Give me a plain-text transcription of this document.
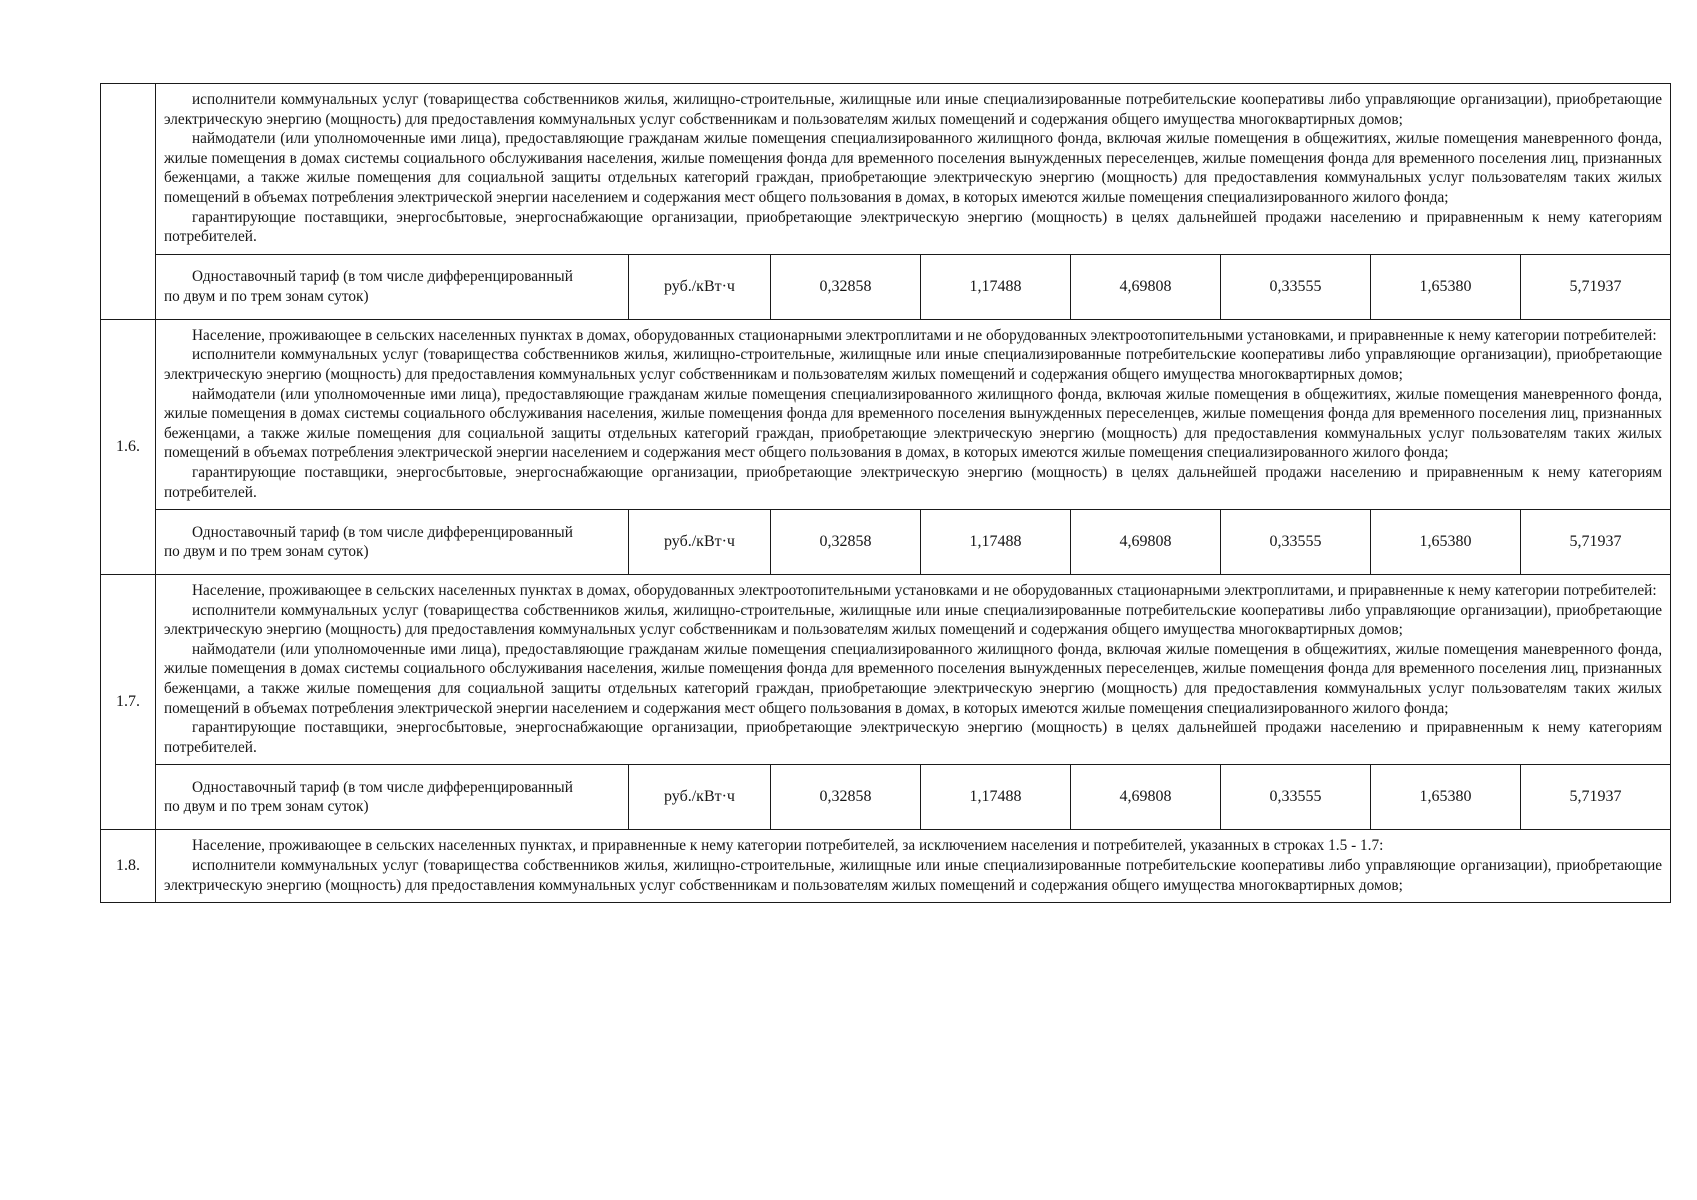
	исполнители коммунальных услуг (товарищества собственников жилья, жилищно-строительные, жилищные или иные специализированные потребительские кооперативы либо управляющие организации), приобретающие электрическую энергию (мощность) для предоставления коммунальных услуг собственникам и пользователям жилых помещений и содержания общего имущества многоквартирных домов;

наймодатели (или уполномоченные ими лица), предоставляющие гражданам жилые помещения специализированного жилищного фонда, включая жилые помещения в общежитиях, жилые помещения маневренного фонда, жилые помещения в домах системы социального обслуживания населения, жилые помещения фонда для временного поселения вынужденных переселенцев, жилые помещения фонда для временного поселения лиц, признанных беженцами, а также жилые помещения для социальной защиты отдельных категорий граждан, приобретающие электрическую энергию (мощность) для предоставления коммунальных услуг пользователям таких жилых помещений в объемах потребления электрической энергии населением и содержания мест общего пользования в домах, в которых имеются жилые помещения специализированного жилого фонда;

гарантирующие поставщики, энергосбытовые, энергоснабжающие организации, приобретающие электрическую энергию (мощность) в целях дальнейшей продажи населению и приравненным к нему категориям потребителей.							

	Одноставочный тариф (в том числе дифференцированный
по двум и по трем зонам суток)	руб./кВт·ч	0,32858	1,17488	4,69808	0,33555	1,65380	5,71937
1.6.	Население, проживающее в сельских населенных пунктах в домах, оборудованных стационарными электроплитами и не оборудованных электроотопительными установками, и приравненные к нему категории потребителей:

исполнители коммунальных услуг (товарищества собственников жилья, жилищно-строительные, жилищные или иные специализированные потребительские кооперативы либо управляющие организации), приобретающие электрическую энергию (мощность) для предоставления коммунальных услуг собственникам и пользователям жилых помещений и содержания общего имущества многоквартирных домов;

наймодатели (или уполномоченные ими лица), предоставляющие гражданам жилые помещения специализированного жилищного фонда, включая жилые помещения в общежитиях, жилые помещения маневренного фонда, жилые помещения в домах системы социального обслуживания населения, жилые помещения фонда для временного поселения вынужденных переселенцев, жилые помещения фонда для временного поселения лиц, признанных беженцами, а также жилые помещения для социальной защиты отдельных категорий граждан, приобретающие электрическую энергию (мощность) для предоставления коммунальных услуг пользователям таких жилых помещений в объемах потребления электрической энергии населением и содержания мест общего пользования в домах, в которых имеются жилые помещения специализированного жилого фонда;

гарантирующие поставщики, энергосбытовые, энергоснабжающие организации, приобретающие электрическую энергию (мощность) в целях дальнейшей продажи населению и приравненным к нему категориям потребителей.							

	Одноставочный тариф (в том числе дифференцированный
по двум и по трем зонам суток)	руб./кВт·ч	0,32858	1,17488	4,69808	0,33555	1,65380	5,71937
1.7.	Население, проживающее в сельских населенных пунктах в домах, оборудованных электроотопительными установками и не оборудованных стационарными электроплитами, и приравненные к нему категории потребителей:

исполнители коммунальных услуг (товарищества собственников жилья, жилищно-строительные, жилищные или иные специализированные потребительские кооперативы либо управляющие организации), приобретающие электрическую энергию (мощность) для предоставления коммунальных услуг собственникам и пользователям жилых помещений и содержания общего имущества многоквартирных домов;

наймодатели (или уполномоченные ими лица), предоставляющие гражданам жилые помещения специализированного жилищного фонда, включая жилые помещения в общежитиях, жилые помещения маневренного фонда, жилые помещения в домах системы социального обслуживания населения, жилые помещения фонда для временного поселения вынужденных переселенцев, жилые помещения фонда для временного поселения лиц, признанных беженцами, а также жилые помещения для социальной защиты отдельных категорий граждан, приобретающие электрическую энергию (мощность) для предоставления коммунальных услуг пользователям таких жилых помещений в объемах потребления электрической энергии населением и содержания мест общего пользования в домах, в которых имеются жилые помещения специализированного жилого фонда;

гарантирующие поставщики, энергосбытовые, энергоснабжающие организации, приобретающие электрическую энергию (мощность) в целях дальнейшей продажи населению и приравненным к нему категориям потребителей.							

	Одноставочный тариф (в том числе дифференцированный
по двум и по трем зонам суток)	руб./кВт·ч	0,32858	1,17488	4,69808	0,33555	1,65380	5,71937
1.8.	Население, проживающее в сельских населенных пунктах, и приравненные к нему категории потребителей, за исключением населения и потребителей, указанных в строках 1.5 - 1.7:

исполнители коммунальных услуг (товарищества собственников жилья, жилищно-строительные, жилищные или иные специализированные потребительские кооперативы либо управляющие организации), приобретающие электрическую энергию (мощность) для предоставления коммунальных услуг собственникам и пользователям жилых помещений и содержания общего имущества многоквартирных домов;							
